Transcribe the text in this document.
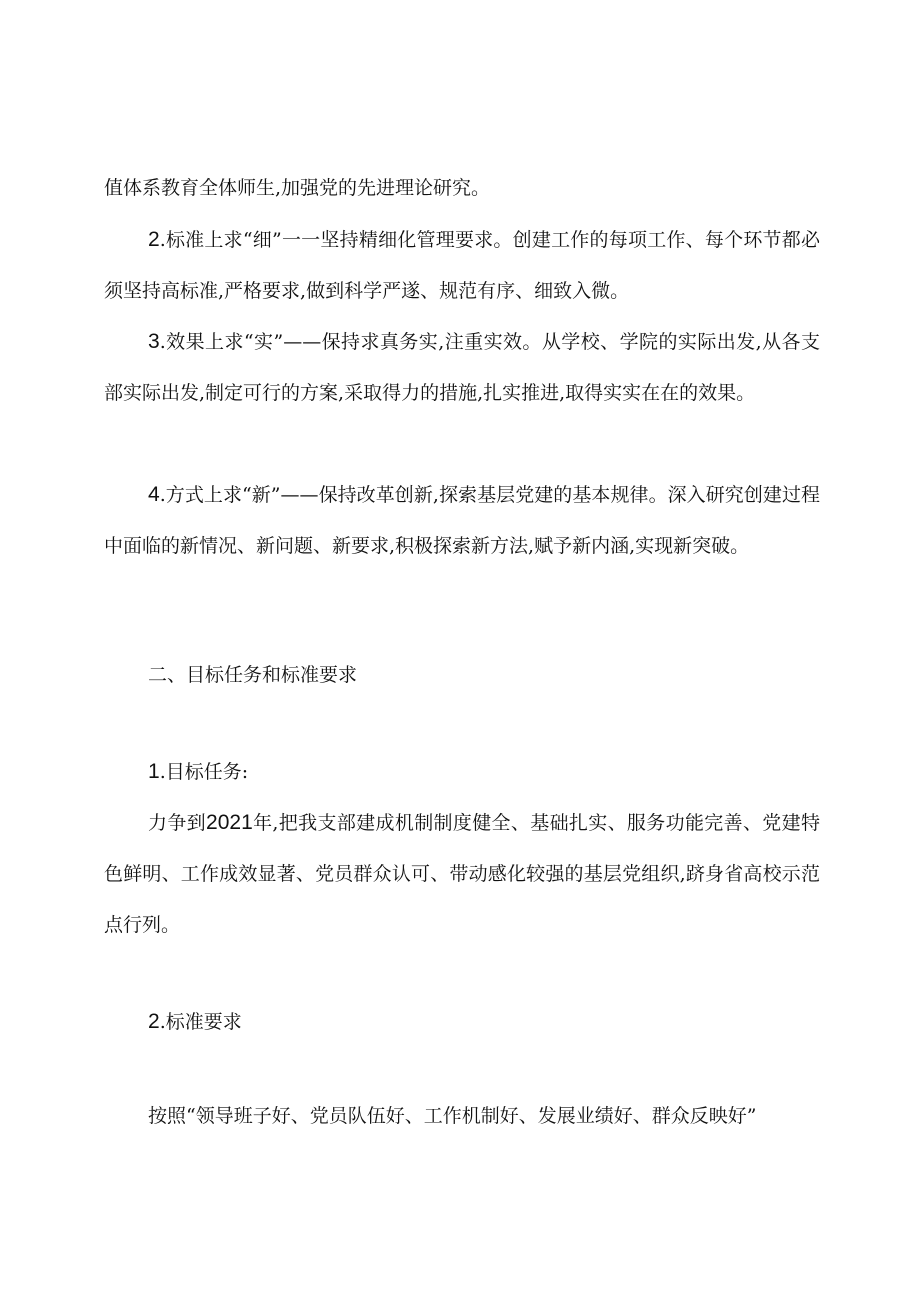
值体系教育全体师生,加强党的先进理论研究。

2.标准上求“细”一一坚持精细化管理要求。创建工作的每项工作、每个环节都必须坚持高标准,严格要求,做到科学严遂、规范有序、细致入微。

3.效果上求“实”——保持求真务实,注重实效。从学校、学院的实际出发,从各支部实际出发,制定可行的方案,采取得力的措施,扎实推进,取得实实在在的效果。

4.方式上求“新”——保持改革创新,探索基层党建的基本规律。深入研究创建过程中面临的新情况、新问题、新要求,积极探索新方法,赋予新内涵,实现新突破。

二、目标任务和标准要求

1.目标任务:

力争到2021年,把我支部建成机制制度健全、基础扎实、服务功能完善、党建特色鲜明、工作成效显著、党员群众认可、带动感化较强的基层党组织,跻身省高校示范点行列。

2.标准要求

按照“领导班子好、党员队伍好、工作机制好、发展业绩好、群众反映好”
